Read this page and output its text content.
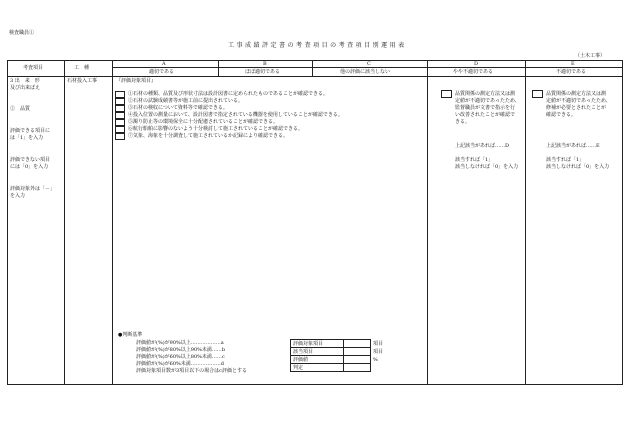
検査職員①
工 事 成 績 評 定 書 の 考 査 項 目 の 考 査 項 目 別 運 用 表
（土木工事）
考査項目	工　種
A
適切である
B
ほぼ適切である
C
他の評価に該当しない
D
やや不適切である
E
不適切である
3 出　来　形
及び出来ばえ
②　品質
評価できる項目に
は「1」を入力
評価できない項目
には「0」を入力
評価対象外は「－」
を入力
石材投入工事	『評価対象項目』
①石材の種類、品質及び形状寸法は設計図書に定められたものであることが確認できる。
②石材の試験成績書等が施工前に提出されている。
③石材の検収について資料等で確認できる。
④投入位置の測量において、設計図書で指定されている機器を使用していることが確認できる。
⑤濁り防止等の環境保全に十分配慮されていることが確認できる。
⑥航行船舶に影響のないよう十分検討して施工されていることが確認できる。
⑦気象、海象を十分調査して施工されているか記録により確認できる。
品質関係の測定方法又は測
定値が不適切であったため、
監督職員が文書で指示を行
い改善されたことが確認で
きる。
上記該当があれば……D
該当すれば「1」
該当しなければ「0」を入力
品質関係の測定方法又は測
定値が不適切であったため、
修補が必要とされたことが
確認できる。
上記該当があれば……E
該当すれば「1」
該当しなければ「0」を入力
●判断基準
評価値が(%)が90%以上………………a
評価値が(%)が80%以上90%未満……b
評価値が(%)が60%以上80%未満……c
評価値が(%)が60%未満………………d
評価対象項目数が3項目以下の場合はc評価とする
評価対象項目		項目
該当項目		項目
評価値		%
判定		
